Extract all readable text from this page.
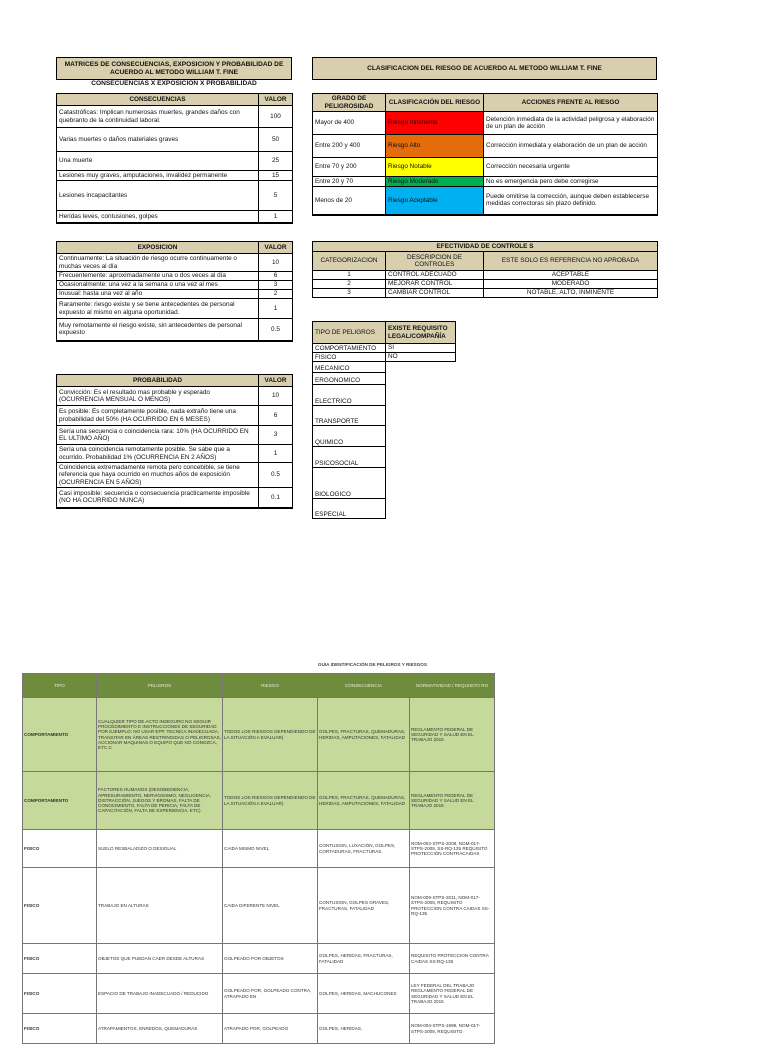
MATRICES DE CONSECUENCIAS, EXPOSICION Y PROBABILIDAD DE ACUERDO AL METODO WILLIAM T. FINE
CONSECUENCIAS X EXPOSICIÓN X PROBABILIDAD
CONSECUENCIAS	VALOR
Catastróficas: Implican numerosas muertes, grandes daños con quebranto de la continuidad laboral.	100
Varias muertes o daños materiales graves	50
Una muerte	25
Lesiones muy graves, amputaciones, invalidez permanente	15
Lesiones incapacitantes	5
Heridas leves, contusiones, golpes	1
EXPOSICION	VALOR
Continuamente: La situación de riesgo ocurre continuamente o muchas veces al día	10
Frecuentemente: aproximadamente una o dos veces al día	6
Ocasionalmente: una vez a la semana o una vez al mes	3
Inusual: hasta una vez al año	2
Raramente: riesgo existe y se tiene antecedentes de personal expuesto al mismo en alguna oportunidad.	1
Muy remotamente el riesgo existe, sin antecedentes de personal expuesto	0.5
PROBABILIDAD	VALOR
Convicción: Es el resultado mas probable y esperado (OCURRENCIA MENSUAL O MENOS)	10
Es posible: Es completamente posible, nada extraño tiene una probabilidad del 50% (HA OCURRIDO EN 6 MESES)	6
Sería una secuencia o coincidencia rara: 10% (HA OCURRIDO EN EL ULTIMO AÑO)	3
Sería una coincidencia remotamente posible. Se sabe que a ocurrido. Probabilidad 1% (OCURRENCIA EN 2 AÑOS)	1
Coincidencia extremadamente remota pero concebible, se tiene referencia que haya ocurrido en muchos años de exposición (OCURRENCIA EN 5 AÑOS)	0.5
Casi imposible: secuencia o consecuencia practicamente imposible (NO HA OCURRIDO NUNCA)	0.1
CLASIFICACION DEL RIESGO DE ACUERDO AL METODO WILLIAM T. FINE
GRADO DE PELIGROSIDAD	CLASIFICACIÓN DEL RIESGO	ACCIONES FRENTE AL RIESGO
Mayor de 400	Riesgo Inminente	Detención inmediata de la actividad peligrosa y elaboración de un plan de acción
Entre 200 y 400	Riesgo Alto	Corrección inmediata y elaboración de un plan de acción
Entre 70 y 200	Riesgo Notable	Corrección necesaria urgente
Entre 20 y 70	Riesgo Moderado	No es emergencia pero debe corregirse
Menos de 20	Riesgo Aceptable	Puede omitirse la corrección, aunque deben establecerse medidas correctoras sin plazo definido.
EFECTIVIDAD DE CONTROLE S		
CATEGORIZACION	DESCRIPCION DE CONTROLES	ESTE SOLO ES REFERENCIA NO APROBADA
1	CONTROL ADECUADO	ACEPTABLE
2	MEJORAR CONTROL	MODERADO
3	CAMBIAR CONTROL	NOTABLE, ALTO, INMINENTE
TIPO DE PELIGROS	EXISTE REQUISITO LEGAL/COMPAÑÍA
COMPORTAMIENTO	SI
FISICO	NO
MECANICO	
ERGONOMICO	
ELECTRICO	
TRANSPORTE	
QUIMICO	
PSICOSOCIAL	
BIOLOGICO	
ESPECIAL	
GUIA IDENTIFICACIÓN DE PELIGROS Y RIESGOS
TIPO	PELIGROS	RIESGO	CONSECUENCIA	NORMATIVIDAD / REQUISITO RO
COMPORTAMIENTO	CUALQUIER TIPO DE ACTO INSEGURO NO SEGUIR PROCEDIMIENTO E INSTRUCCIONES DE SEGURIDAD POR EJEMPLO: NO USAR EPP, TECNICA INADECUADA, TRANSITAR EN ÁREAS RESTRINGIDAS O PELIGROSAS, ACCIONAR MAQUINAS O EQUIPO QUE NO CONOZCA, ETC.C	TODOS LOS RIESGOS DEPENDIENDO DE LA SITUACIÓN A EVALUAR)	GOLPES, FRACTURAS, QUEMADURAS, HERIDAS, AMPUTACIONES, FATALIDAD	REGLAMENTO FEDERAL DE SEGURIDAD Y SALUD EN EL TRABAJO 2015
COMPORTAMIENTO	FACTORES HUMANOS (DESOBEDIENCIA, APRESURAMIENTO, NERVIOSISMO, NEGLIGENCIA, DISTRACCIÓN, JUEGOS Y BROMAS, FALTA DE CONOCIMIENTO, FALTA DE PERICIA, FALTA DE CAPACITACIÓN, FALTA DE EXPERIENCIA, ETC)	TODOS LOS RIESGOS DEPENDIENDO DE LA SITUACIÓN A EVALUAR)	GOLPES, FRACTURAS, QUEMADURAS, HERIDAS, AMPUTACIONES, FATALIDAD	REGLAMENTO FEDERAL DE SEGURIDAD Y SALUD EN EL TRABAJO 2015
FISICO	SUELO RESBALADIZO O DESIGUAL	CAIDA MISMO NIVEL	CONTUSION, LUXACIÓN, GOLPES, CORTADURAS, FRACTURAS	NOM-002-STPS-2008, NOM-017-STPS-2008, SS-RQ-135 REQUISITO PROTECCIÓN CONTRACAIDAS
FISICO	TRABAJO EN ALTURAS	CAIDA DIFERENTE NIVEL	CONTUSION, GOLPES GRAVES, FRACTURAS, FATALIDAD	NOM-009-STPS-2011, NOM-017-STPS-2008, REQUISITO PROTECCION CONTRA CAIDAS SS-RQ-135
FISICO	OBJETOS QUE PUEDAN CAER DESDE ALTURAS	GOLPEADO POR OBJETOS	GOLPES, HERIDAS, FRACTURAS, FATALIDAD	REQUISITO PROTECCION CONTRA CAIDAS SS-RQ-135
FISICO	ESPACIO DE TRABAJO INADECUADO / REDUCIDO	GOLPEADO POR, GOLPEADO CONTRA, ATRAPADO EN	GOLPES, HERIDAS, MACHUCONES	LEY FEDERAL DEL TRABAJO REGLAMENTO FEDERAL DE SEGURIDAD Y SALUD EN EL TRABAJO 2015
FISICO	ATRAPAMIENTOS, ENREDOS, QUEMADURAS	ATRAPADO POR, GOLPEADO	GOLPES, HERIDAS,	NOM-004-STPS-1999, NOM-017-STPS-2008, REQUISITO
